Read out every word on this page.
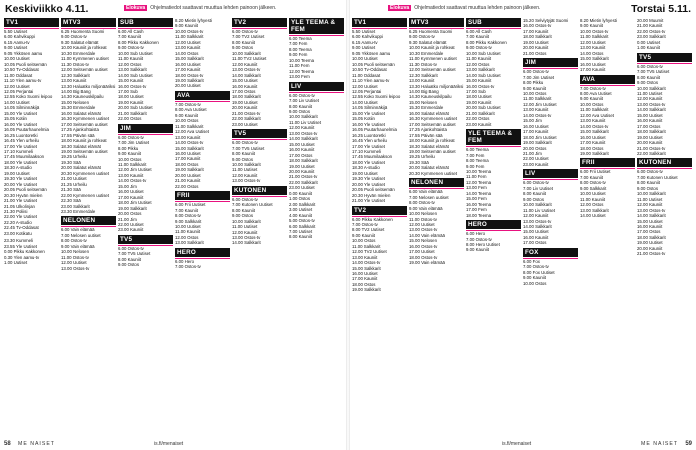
Keskiviikko 4.11.	Elokuva Ohjelmatiedot saattavat muuttua lehden painoon jälkeen.
TV1
5.50 Uutiset
6.00 Kahvikuppi
6.15 Aamu-tv
9.00 Uutiset
9.05 Ykkösen aamu
10.00 Uutiset
10.05 Puoli seitsemän
10.50 Tv-Oddasat
11.00 Oddasat
11.10 Ylen aamu-tv
12.00 Uutiset
12.05 Perjantai
12.55 Koko Suomi leipoo
14.00 Uutiset
14.05 Silminnäkijä
15.00 Yle Uutiset
15.05 Kotiin
16.00 Yle Uutiset
16.05 Puutarhaunelmia
16.25 Luontoretki
16.45 Ylen urheilu
17.00 Yle Uutiset
17.10 Kummeli
17.45 Muumilaakson
18.00 Yle Uutiset
18.30 A-studio
19.00 Uutiset
19.30 Yle Uutiset
20.00 Yle Uutiset
20.05 Puoli seitsemän
20.30 Hyvän mielen
21.00 Yle Uutiset
21.05 Ulkolinjan
21.30 Poliisi
22.00 Yle Uutiset
22.20 A-studio
22.45 Tv-Oddasat
23.00 Kotikatu
23.30 Kummeli
23.55 Yle Uutiset
0.00 Pikku Kakkonen
0.30 Ylen aamu-tv
1.00 Uutiset
MTV3
6.25 Huomenta Suomi
9.00 Ostos-tv
9.30 Salatut elämät
10.00 Kauniit ja rohkeat
10.30 Emmerdale
11.00 Kymmenen uutiset
11.30 Ostos-tv
12.00 Seitsemän uutiset
12.30 Salkkarit
13.00 Kauniit
13.30 Haluatko miljonääriksi
14.00 Big Bang
14.30 Kauneuskilpailu
15.00 Nelosen
15.30 Emmerdale
16.00 Salatut elämät
16.30 Kymmenen uutiset
17.00 Seitsemän uutiset
17.25 Ajankohtaista
17.55 Päivän sää
18.00 Kauniit ja rohkeat
18.30 Salatut elämät
19.00 Seitsemän uutiset
19.25 Urheilu
19.30 Sää
20.00 Salatut elämät
20.30 Kymmenen uutiset
21.00 Uutiset
21.25 Urheilu
21.30 Sää
22.00 Kymmenen uutiset
22.30 Sää
23.00 Salkkarit
23.30 Emmerdale
NELONEN
6.00 Vain elämää
7.00 Nelosen uutiset
8.00 Ostos-tv
9.00 Vain elämää
10.00 Nelosen
11.00 Ostos-tv
12.00 Uutiset
13.00 Ostos-tv
SUB
6.00 All Cash
7.00 Kauniit
8.00 Pikku Kakkonen
9.00 Ostos-tv
10.00 Sub Uutiset
11.00 Kauniit
12.00 Ostos
13.00 Salkkarit
14.00 Sub Uutiset
15.00 Kauniit
16.00 Ostos-tv
17.00 Sub
18.00 Uutiset
19.00 Kauniit
20.00 Sub Uutiset
21.00 Salkkarit
22.00 Ostos
JIM
6.00 Ostos-tv
7.00 Jim Uutiset
8.00 Pikku
9.00 Kauniit
10.00 Ostos
11.00 Salkkarit
12.00 Jim Uutiset
13.00 Kauniit
14.00 Ostos-tv
15.00 Jim
16.00 Uutiset
17.00 Kauniit
18.00 Jim Uutiset
19.00 Salkkarit
20.00 Ostos
21.00 Jim
22.00 Uutiset
23.00 Kauniit
TV5
6.00 Ostos-tv
7.00 TV5 Uutiset
8.00 Kauniit
9.00 Ostos
8.20 Mietin lyhyesti
9.00 Kauniit
10.00 Ostos-tv
11.00 Salkkarit
12.00 Uutiset
13.00 Kauniit
14.00 Ostos
15.00 Salkkarit
16.00 Uutiset
17.00 Kauniit
18.00 Ostos-tv
19.00 Salkkarit
20.00 Uutiset
AVA
7.00 Ostos-tv
8.00 Ava Uutiset
9.00 Kauniit
10.00 Ostos
11.00 Salkkarit
12.00 Ava Uutiset
13.00 Kauniit
14.00 Ostos-tv
15.00 Salkkarit
16.00 Uutiset
17.00 Kauniit
18.00 Ostos
19.00 Salkkarit
20.00 Uutiset
21.00 Kauniit
22.00 Ostos
FRII
6.00 Frii Uutiset
7.00 Kauniit
8.00 Ostos-tv
9.00 Salkkarit
10.00 Uutiset
11.00 Kauniit
12.00 Ostos
13.00 Salkkarit
HERO
6.00 Hero
7.00 Ostos-tv
TV2
6.00 Ostos-tv
7.00 TV2 Uutiset
8.00 Kauniit
9.00 Ostos
10.00 Salkkarit
11.00 TV2 Uutiset
12.00 Kauniit
13.00 Ostos-tv
14.00 Salkkarit
15.00 Uutiset
16.00 Kauniit
17.00 Ostos
18.00 Salkkarit
19.00 Uutiset
20.00 Kauniit
21.00 Ostos-tv
22.00 Salkkarit
23.00 Uutiset
TV5
6.00 Ostos-tv
7.00 TV5 Uutiset
8.00 Kauniit
9.00 Ostos
10.00 Salkkarit
11.00 Uutiset
12.00 Kauniit
13.00 Ostos-tv
KUTONEN
6.00 Ostos-tv
7.00 Kutonen Uutiset
8.00 Kauniit
9.00 Ostos
10.00 Salkkarit
11.00 Uutiset
12.00 Kauniit
13.00 Ostos-tv
14.00 Salkkarit
YLE TEEMA & FEM
6.00 Teema
7.00 Fem
8.00 Teema
9.00 Fem
10.00 Teema
11.00 Fem
12.00 Teema
13.00 Fem
LIV
6.00 Ostos-tv
7.00 Liv Uutiset
8.00 Kauniit
9.00 Ostos
10.00 Salkkarit
11.00 Liv Uutiset
12.00 Kauniit
13.00 Ostos-tv
14.00 Salkkarit
15.00 Uutiset
16.00 Kauniit
17.00 Ostos
18.00 Salkkarit
19.00 Uutiset
20.00 Kauniit
21.00 Ostos-tv
22.00 Salkkarit
23.00 Uutiset
0.00 Kauniit
1.00 Ostos
2.00 Salkkarit
3.00 Uutiset
4.00 Kauniit
5.00 Ostos-tv
6.00 Salkkarit
7.00 Uutiset
8.00 Kauniit
58 ME NAISET	is.fi/menaiset
Elokuva Ohjelmatiedot saattavat muuttua lehden painoon jälkeen.	Torstai 5.11.
TV1
5.50 Uutiset
6.00 Kahvikuppi
6.15 Aamu-tv
9.00 Uutiset
9.05 Ykkösen aamu
10.00 Uutiset
10.05 Puoli seitsemän
10.50 Tv-Oddasat
11.00 Oddasat
11.10 Ylen aamu-tv
12.00 Uutiset
12.05 Perjantai
12.55 Koko Suomi leipoo
14.00 Uutiset
14.05 Silminnäkijä
15.00 Yle Uutiset
15.05 Kotiin
16.00 Yle Uutiset
16.05 Puutarhaunelmia
16.25 Luontoretki
16.45 Ylen urheilu
17.00 Yle Uutiset
17.10 Kummeli
17.45 Muumilaakson
18.00 Yle Uutiset
18.30 A-studio
19.00 Uutiset
19.30 Yle Uutiset
20.00 Yle Uutiset
20.05 Puoli seitsemän
20.30 Hyvän mielen
21.00 Yle Uutiset
TV2
6.00 Pikku Kakkonen
7.00 Ostos-tv
8.00 TV2 Uutiset
9.00 Kauniit
10.00 Ostos
11.00 Salkkarit
12.00 TV2 Uutiset
13.00 Kauniit
14.00 Ostos-tv
15.00 Salkkarit
16.00 Uutiset
17.00 Kauniit
18.00 Ostos
19.00 Salkkarit
MTV3
6.25 Huomenta Suomi
9.00 Ostos-tv
9.30 Salatut elämät
10.00 Kauniit ja rohkeat
10.30 Emmerdale
11.00 Kymmenen uutiset
11.30 Ostos-tv
12.00 Seitsemän uutiset
12.30 Salkkarit
13.00 Kauniit
13.30 Haluatko miljonääriksi
14.00 Big Bang
14.30 Kauneuskilpailu
15.00 Nelosen
15.30 Emmerdale
16.00 Salatut elämät
16.30 Kymmenen uutiset
17.00 Seitsemän uutiset
17.25 Ajankohtaista
17.55 Päivän sää
18.00 Kauniit ja rohkeat
18.30 Salatut elämät
19.00 Seitsemän uutiset
19.25 Urheilu
19.30 Sää
20.00 Salatut elämät
20.30 Kymmenen uutiset
NELONEN
6.00 Vain elämää
7.00 Nelosen uutiset
8.00 Ostos-tv
9.00 Vain elämää
10.00 Nelosen
11.00 Ostos-tv
12.00 Uutiset
13.00 Ostos-tv
14.00 Vain elämää
15.00 Nelosen
16.00 Ostos-tv
17.00 Uutiset
18.00 Ostos-tv
19.00 Vain elämää
SUB
6.00 All Cash
7.00 Kauniit
8.00 Pikku Kakkonen
9.00 Ostos-tv
10.00 Sub Uutiset
11.00 Kauniit
12.00 Ostos
13.00 Salkkarit
14.00 Sub Uutiset
15.00 Kauniit
16.00 Ostos-tv
17.00 Sub
18.00 Uutiset
19.00 Kauniit
20.00 Sub Uutiset
21.00 Salkkarit
22.00 Ostos
23.00 Kauniit
YLE TEEMA & FEM
6.00 Teema
7.00 Fem
8.00 Teema
9.00 Fem
10.00 Teema
11.00 Fem
12.00 Teema
13.00 Fem
14.00 Teema
15.00 Fem
16.00 Teema
17.00 Fem
18.00 Teema
HERO
6.00 Hero
7.00 Ostos-tv
8.00 Hero Uutiset
9.00 Kauniit
15.20 Selviytyjät Suomi
16.00 Ostos-tv
17.00 Kauniit
18.00 Salkkarit
19.00 Uutiset
20.00 Kauniit
21.00 Ostos
JIM
6.00 Ostos-tv
7.00 Jim Uutiset
8.00 Pikku
9.00 Kauniit
10.00 Ostos
11.00 Salkkarit
12.00 Jim Uutiset
13.00 Kauniit
14.00 Ostos-tv
15.00 Jim
16.00 Uutiset
17.00 Kauniit
18.00 Jim Uutiset
19.00 Salkkarit
20.00 Ostos
21.00 Jim
22.00 Uutiset
23.00 Kauniit
LIV
6.00 Ostos-tv
7.00 Liv Uutiset
8.00 Kauniit
9.00 Ostos
10.00 Salkkarit
11.00 Liv Uutiset
12.00 Kauniit
13.00 Ostos-tv
14.00 Salkkarit
15.00 Uutiset
16.00 Kauniit
17.00 Ostos
FOX
6.00 Fox
7.00 Ostos-tv
8.00 Fox Uutiset
9.00 Kauniit
10.00 Ostos
8.20 Mietin lyhyesti
9.00 Kauniit
10.00 Ostos-tv
11.00 Salkkarit
12.00 Uutiset
13.00 Kauniit
14.00 Ostos
15.00 Salkkarit
16.00 Uutiset
17.00 Kauniit
AVA
7.00 Ostos-tv
8.00 Ava Uutiset
9.00 Kauniit
10.00 Ostos
11.00 Salkkarit
12.00 Ava Uutiset
13.00 Kauniit
14.00 Ostos-tv
15.00 Salkkarit
16.00 Uutiset
17.00 Kauniit
18.00 Ostos
19.00 Salkkarit
FRII
6.00 Frii Uutiset
7.00 Kauniit
8.00 Ostos-tv
9.00 Salkkarit
10.00 Uutiset
11.00 Kauniit
12.00 Ostos
13.00 Salkkarit
14.00 Uutiset
20.00 Muumit
21.00 Kauniit
22.00 Ostos-tv
23.00 Salkkarit
0.00 Uutiset
1.00 Kauniit
TV5
6.00 Ostos-tv
7.00 TV5 Uutiset
8.00 Kauniit
9.00 Ostos
10.00 Salkkarit
11.00 Uutiset
12.00 Kauniit
13.00 Ostos-tv
14.00 Salkkarit
15.00 Uutiset
16.00 Kauniit
17.00 Ostos
18.00 Salkkarit
19.00 Uutiset
20.00 Kauniit
21.00 Ostos-tv
22.00 Salkkarit
KUTONEN
6.00 Ostos-tv
7.00 Kutonen Uutiset
8.00 Kauniit
9.00 Ostos
10.00 Salkkarit
11.00 Uutiset
12.00 Kauniit
13.00 Ostos-tv
14.00 Salkkarit
15.00 Uutiset
16.00 Kauniit
17.00 Ostos
18.00 Salkkarit
19.00 Uutiset
20.00 Kauniit
21.00 Ostos-tv
ME NAISET
is.fi/menaiset	59
